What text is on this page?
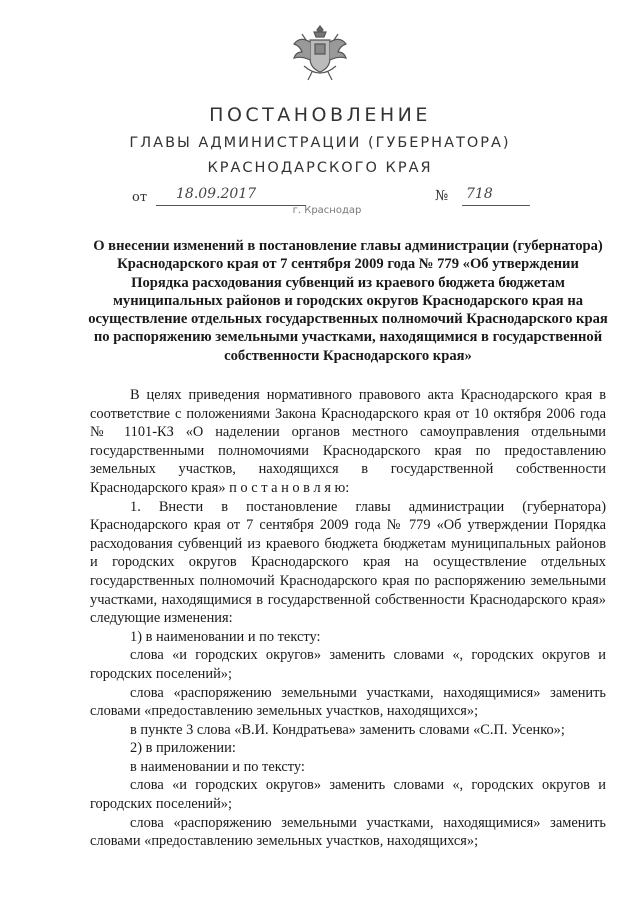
ПОСТАНОВЛЕНИЕ
ГЛАВЫ АДМИНИСТРАЦИИ (ГУБЕРНАТОРА)
КРАСНОДАРСКОГО КРАЯ
от	18.09.2017	№ 718
г. Краснодар
О внесении изменений в постановление главы администрации (губернатора) Краснодарского края от 7 сентября 2009 года № 779 «Об утверждении Порядка расходования субвенций из краевого бюджета бюджетам муниципальных районов и городских округов Краснодарского края на осуществление отдельных государственных полномочий Краснодарского края по распоряжению земельными участками, находящимися в государственной собственности Краснодарского края»

В целях приведения нормативного правового акта Краснодарского края в соответствие с положениями Закона Краснодарского края от 10 октября 2006 года № 1101-КЗ «О наделении органов местного самоуправления отдельными государственными полномочиями Краснодарского края по предоставлению земельных участков, находящихся в государственной собственности Краснодарского края» п о с т а н о в л я ю:

1. Внести в постановление главы администрации (губернатора) Краснодарского края от 7 сентября 2009 года № 779 «Об утверждении Порядка расходования субвенций из краевого бюджета бюджетам муниципальных районов и городских округов Краснодарского края на осуществление отдельных государственных полномочий Краснодарского края по распоряжению земельными участками, находящимися в государственной собственности Краснодарского края» следующие изменения:

1) в наименовании и по тексту:

слова «и городских округов» заменить словами «, городских округов и городских поселений»;

слова «распоряжению земельными участками, находящимися» заменить словами «предоставлению земельных участков, находящихся»;

в пункте 3 слова «В.И. Кондратьева» заменить словами «С.П. Усенко»;

2) в приложении:

в наименовании и по тексту:

слова «и городских округов» заменить словами «, городских округов и городских поселений»;

слова «распоряжению земельными участками, находящимися» заменить словами «предоставлению земельных участков, находящихся»;
